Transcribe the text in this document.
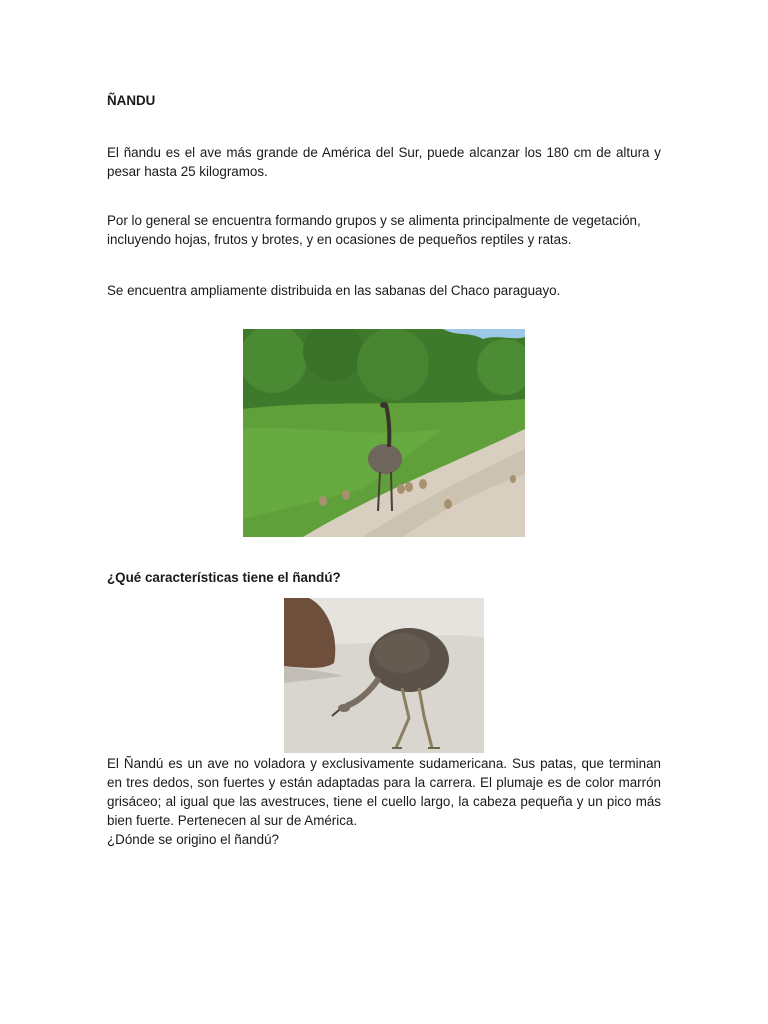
ÑANDU
El ñandu es el ave más grande de América del Sur, puede alcanzar los 180 cm de altura y pesar hasta 25 kilogramos.
Por lo general se encuentra formando grupos y se alimenta principalmente de vegetación, incluyendo hojas, frutos y brotes, y en ocasiones de pequeños reptiles y ratas.
Se encuentra ampliamente distribuida en las sabanas del Chaco paraguayo.
¿Qué características tiene el ñandú?
El Ñandú es un ave no voladora y exclusivamente sudamericana. Sus patas, que terminan en tres dedos, son fuertes y están adaptadas para la carrera. El plumaje es de color marrón grisáceo; al igual que las avestruces, tiene el cuello largo, la cabeza pequeña y un pico más bien fuerte. Pertenecen al sur de América.
¿Dónde se origino el ñandú?
